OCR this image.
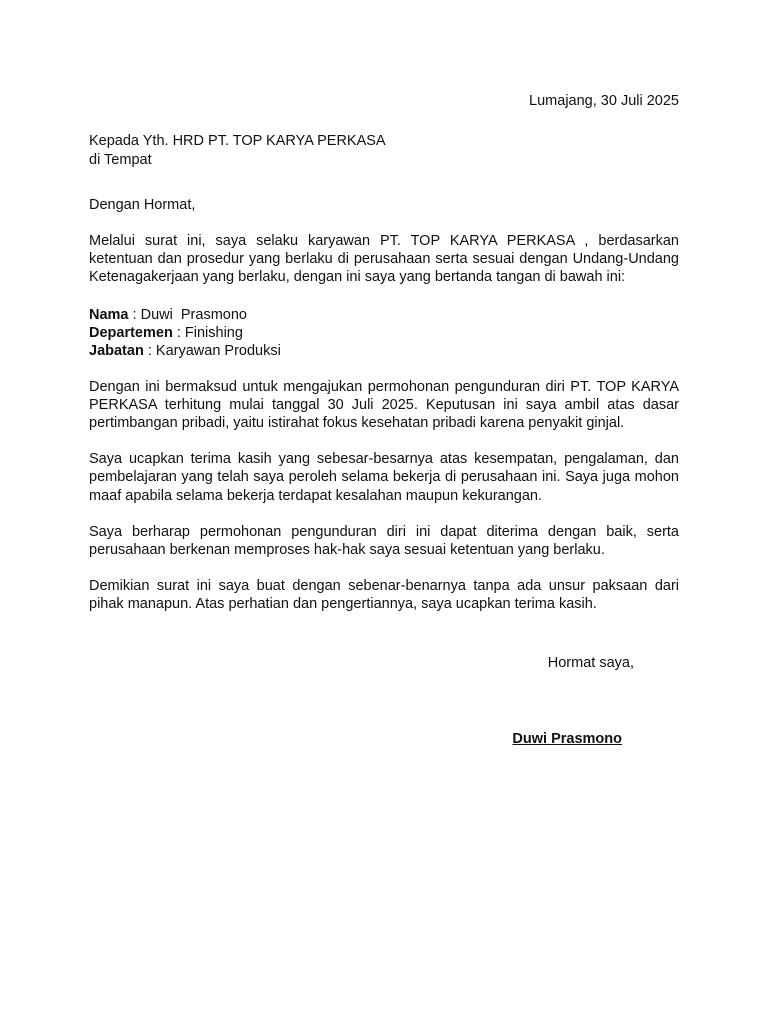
Lumajang, 30 Juli 2025
Kepada Yth. HRD PT. TOP KARYA PERKASA
di Tempat
Dengan Hormat,

Melalui surat ini, saya selaku karyawan PT. TOP KARYA PERKASA , berdasarkan ketentuan dan prosedur yang berlaku di perusahaan serta sesuai dengan Undang-Undang Ketenagakerjaan yang berlaku, dengan ini saya yang bertanda tangan di bawah ini:

Nama : Duwi  Prasmono
Departemen : Finishing
Jabatan : Karyawan Produksi

Dengan ini bermaksud untuk mengajukan permohonan pengunduran diri PT. TOP KARYA PERKASA terhitung mulai tanggal 30 Juli 2025. Keputusan ini saya ambil atas dasar pertimbangan pribadi, yaitu istirahat fokus kesehatan pribadi karena penyakit ginjal.

Saya ucapkan terima kasih yang sebesar-besarnya atas kesempatan, pengalaman, dan pembelajaran yang telah saya peroleh selama bekerja di perusahaan ini. Saya juga mohon maaf apabila selama bekerja terdapat kesalahan maupun kekurangan.

Saya berharap permohonan pengunduran diri ini dapat diterima dengan baik, serta perusahaan berkenan memproses hak-hak saya sesuai ketentuan yang berlaku.

Demikian surat ini saya buat dengan sebenar-benarnya tanpa ada unsur paksaan dari pihak manapun. Atas perhatian dan pengertiannya, saya ucapkan terima kasih.

Hormat saya,
Duwi Prasmono
